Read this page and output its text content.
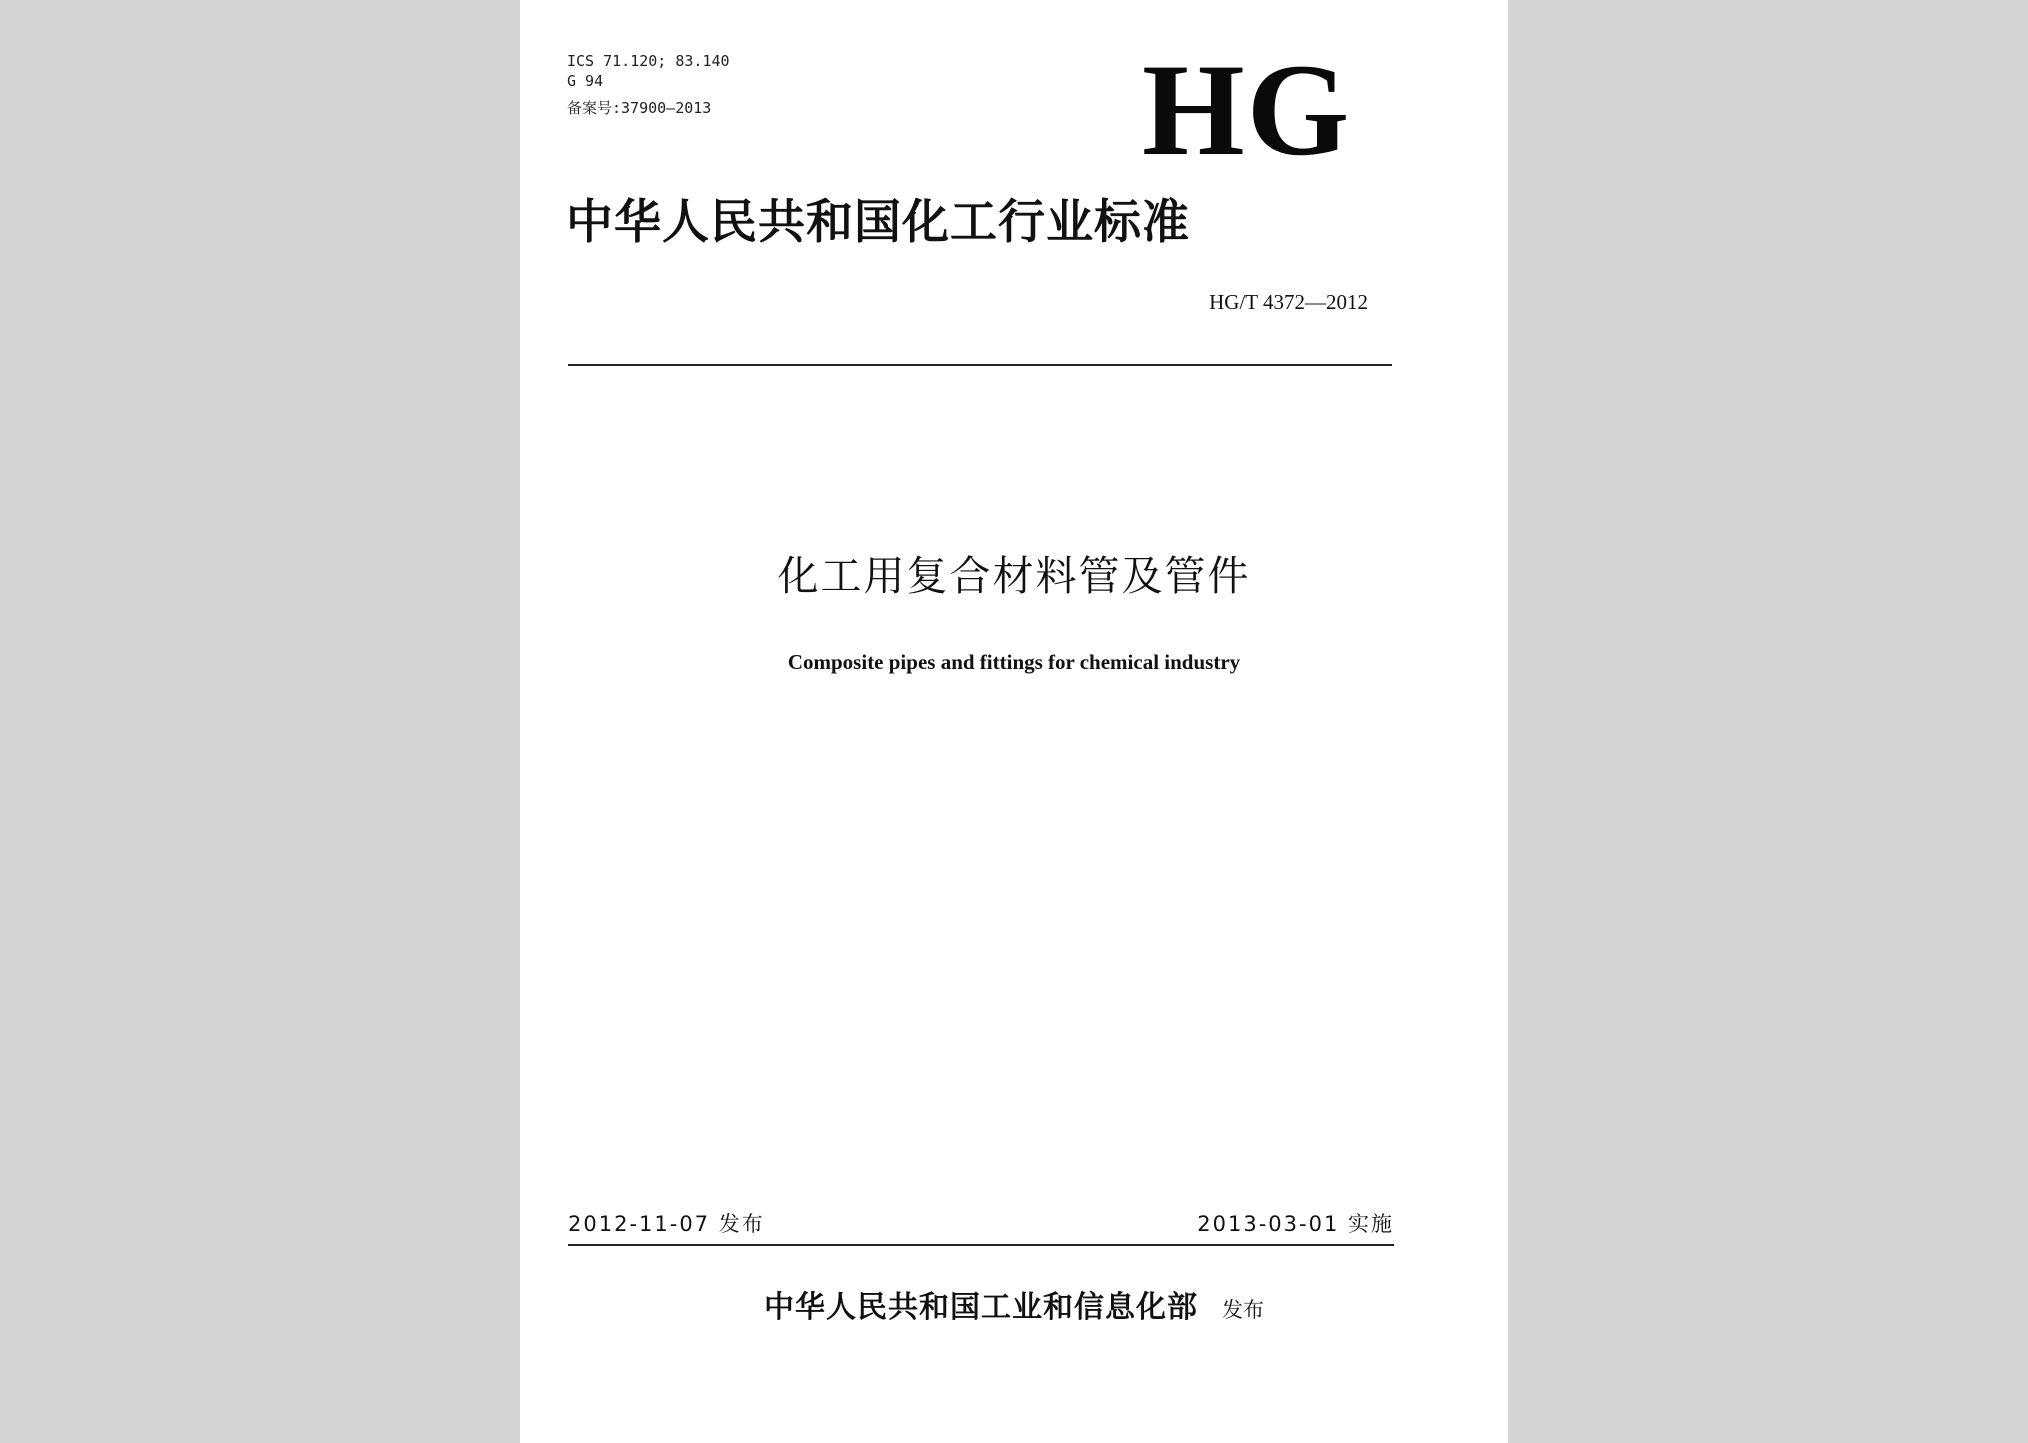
ICS 71.120; 83.140
G 94
备案号:37900—2013	HG
中华人民共和国化工行业标准
HG/T 4372—2012
化工用复合材料管及管件
Composite pipes and fittings for chemical industry
2012-11-07 发布	2013-03-01 实施
中华人民共和国工业和信息化部 发布
